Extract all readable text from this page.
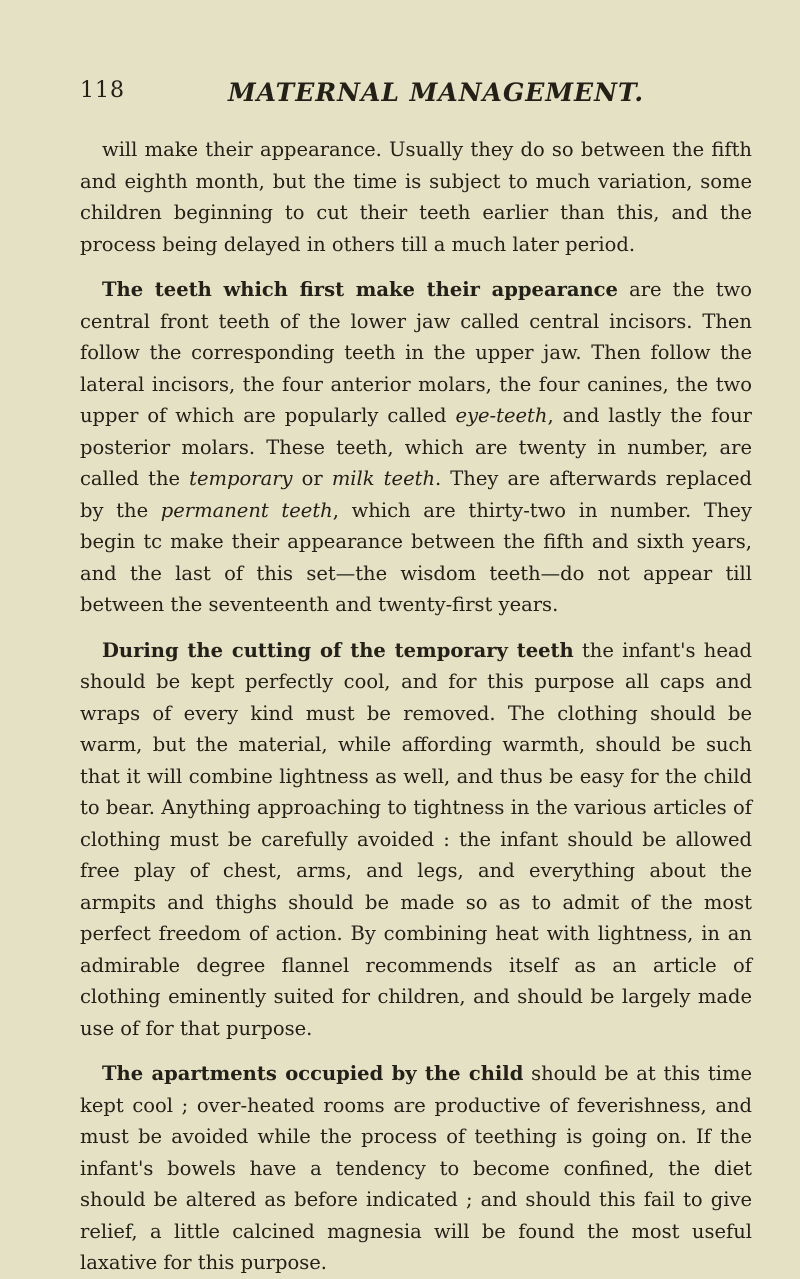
118	MATERNAL MANAGEMENT.

will make their appearance. Usually they do so between the fifth and eighth month, but the time is subject to much variation, some children beginning to cut their teeth earlier than this, and the process being delayed in others till a much later period.

The teeth which first make their appearance are the two central front teeth of the lower jaw called central incisors. Then follow the corresponding teeth in the upper jaw. Then follow the lateral incisors, the four anterior molars, the four canines, the two upper of which are popularly called eye-teeth, and lastly the four posterior molars. These teeth, which are twenty in number, are called the temporary or milk teeth. They are afterwards replaced by the permanent teeth, which are thirty-two in number. They begin tc make their appearance between the fifth and sixth years, and the last of this set—the wisdom teeth—do not appear till between the seventeenth and twenty-first years.

During the cutting of the temporary teeth the infant's head should be kept perfectly cool, and for this purpose all caps and wraps of every kind must be removed. The clothing should be warm, but the material, while affording warmth, should be such that it will combine lightness as well, and thus be easy for the child to bear. Anything approaching to tightness in the various articles of clothing must be carefully avoided : the infant should be allowed free play of chest, arms, and legs, and everything about the armpits and thighs should be made so as to admit of the most perfect freedom of action. By combining heat with lightness, in an admirable degree flannel recommends itself as an article of clothing eminently suited for children, and should be largely made use of for that purpose.

The apartments occupied by the child should be at this time kept cool ; over-heated rooms are productive of feverishness, and must be avoided while the process of teething is going on. If the infant's bowels have a tendency to become confined, the diet should be altered as before indicated ; and should this fail to give relief, a little calcined magnesia will be found the most useful laxative for this purpose.
